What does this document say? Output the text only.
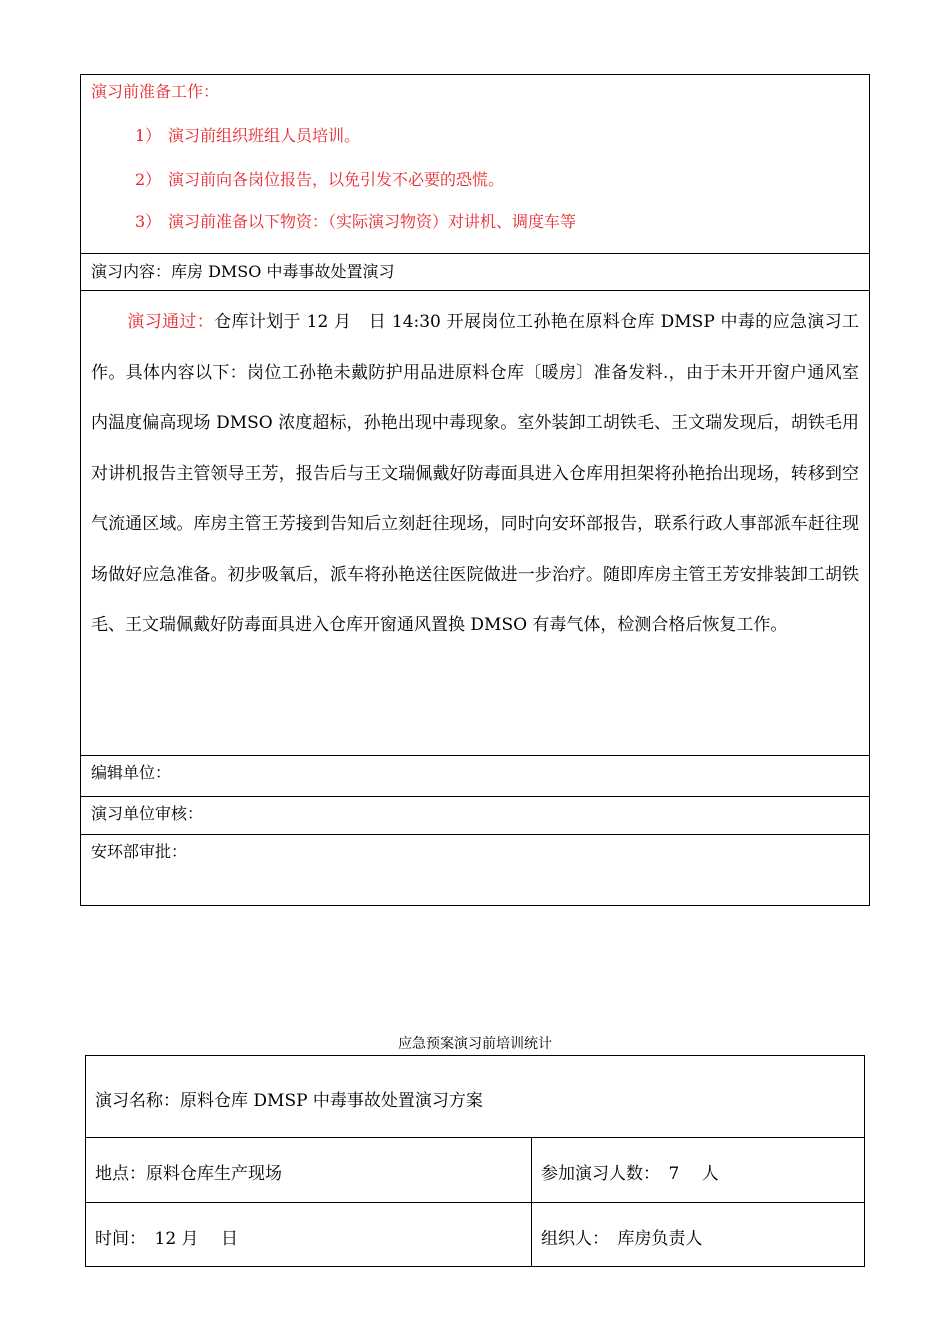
演习前准备工作：
1） 演习前组织班组人员培训。
2） 演习前向各岗位报告，以免引发不必要的恐慌。
3） 演习前准备以下物资：（实际演习物资）对讲机、调度车等
演习内容：库房 DMSO 中毒事故处置演习
演习通过：仓库计划于 12 月　日 14:30 开展岗位工孙艳在原料仓库 DMSP 中毒的应急演习工作。具体内容以下：岗位工孙艳未戴防护用品进原料仓库〔暖房〕准备发料.，由于未开开窗户通风室内温度偏高现场 DMSO 浓度超标，孙艳出现中毒现象。室外装卸工胡铁毛、王文瑞发现后，胡铁毛用对讲机报告主管领导王芳，报告后与王文瑞佩戴好防毒面具进入仓库用担架将孙艳抬出现场，转移到空气流通区域。库房主管王芳接到告知后立刻赶往现场，同时向安环部报告，联系行政人事部派车赶往现场做好应急准备。初步吸氧后，派车将孙艳送往医院做进一步治疗。随即库房主管王芳安排装卸工胡铁毛、王文瑞佩戴好防毒面具进入仓库开窗通风置换 DMSO 有毒气体，检测合格后恢复工作。
编辑单位：
演习单位审核：
安环部审批：
应急预案演习前培训统计
演习名称：原料仓库 DMSP 中毒事故处置演习方案
地点：原料仓库生产现场	参加演习人数：　7　 人
时间：　12 月　 日	组织人：　库房负责人
